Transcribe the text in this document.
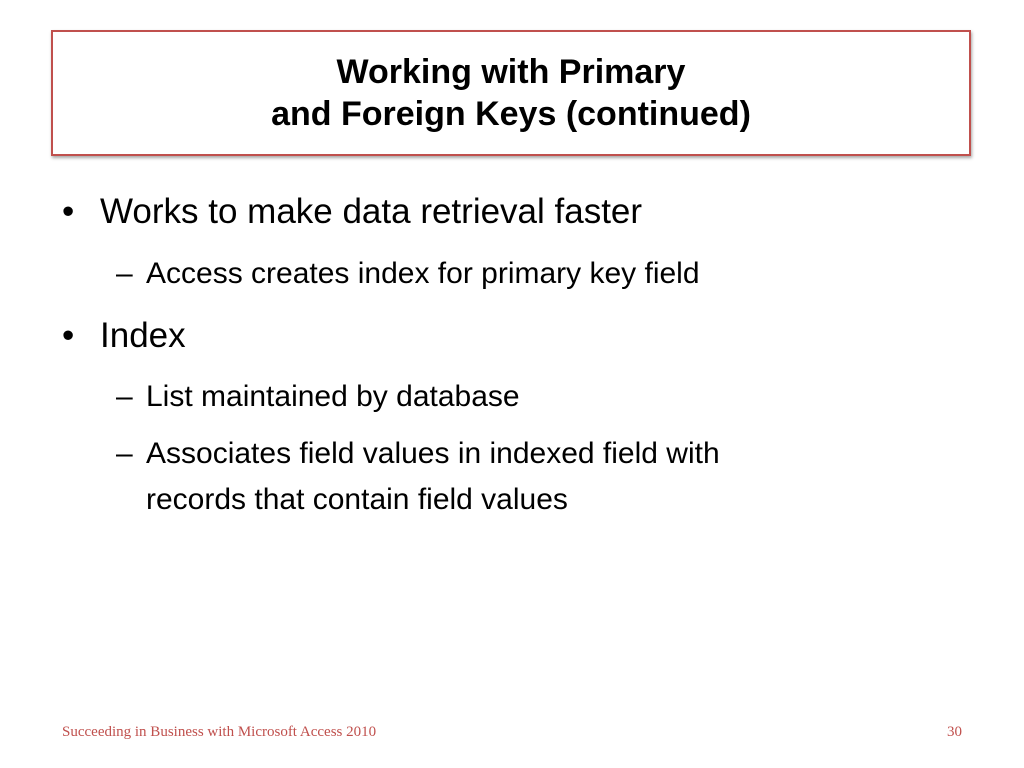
Working with Primary
and Foreign Keys (continued)
• Works to make data retrieval faster
– Access creates index for primary key field
• Index
– List maintained by database
– Associates field values in indexed field with
records that contain field values
Succeeding in Business with Microsoft Access 2010	30
